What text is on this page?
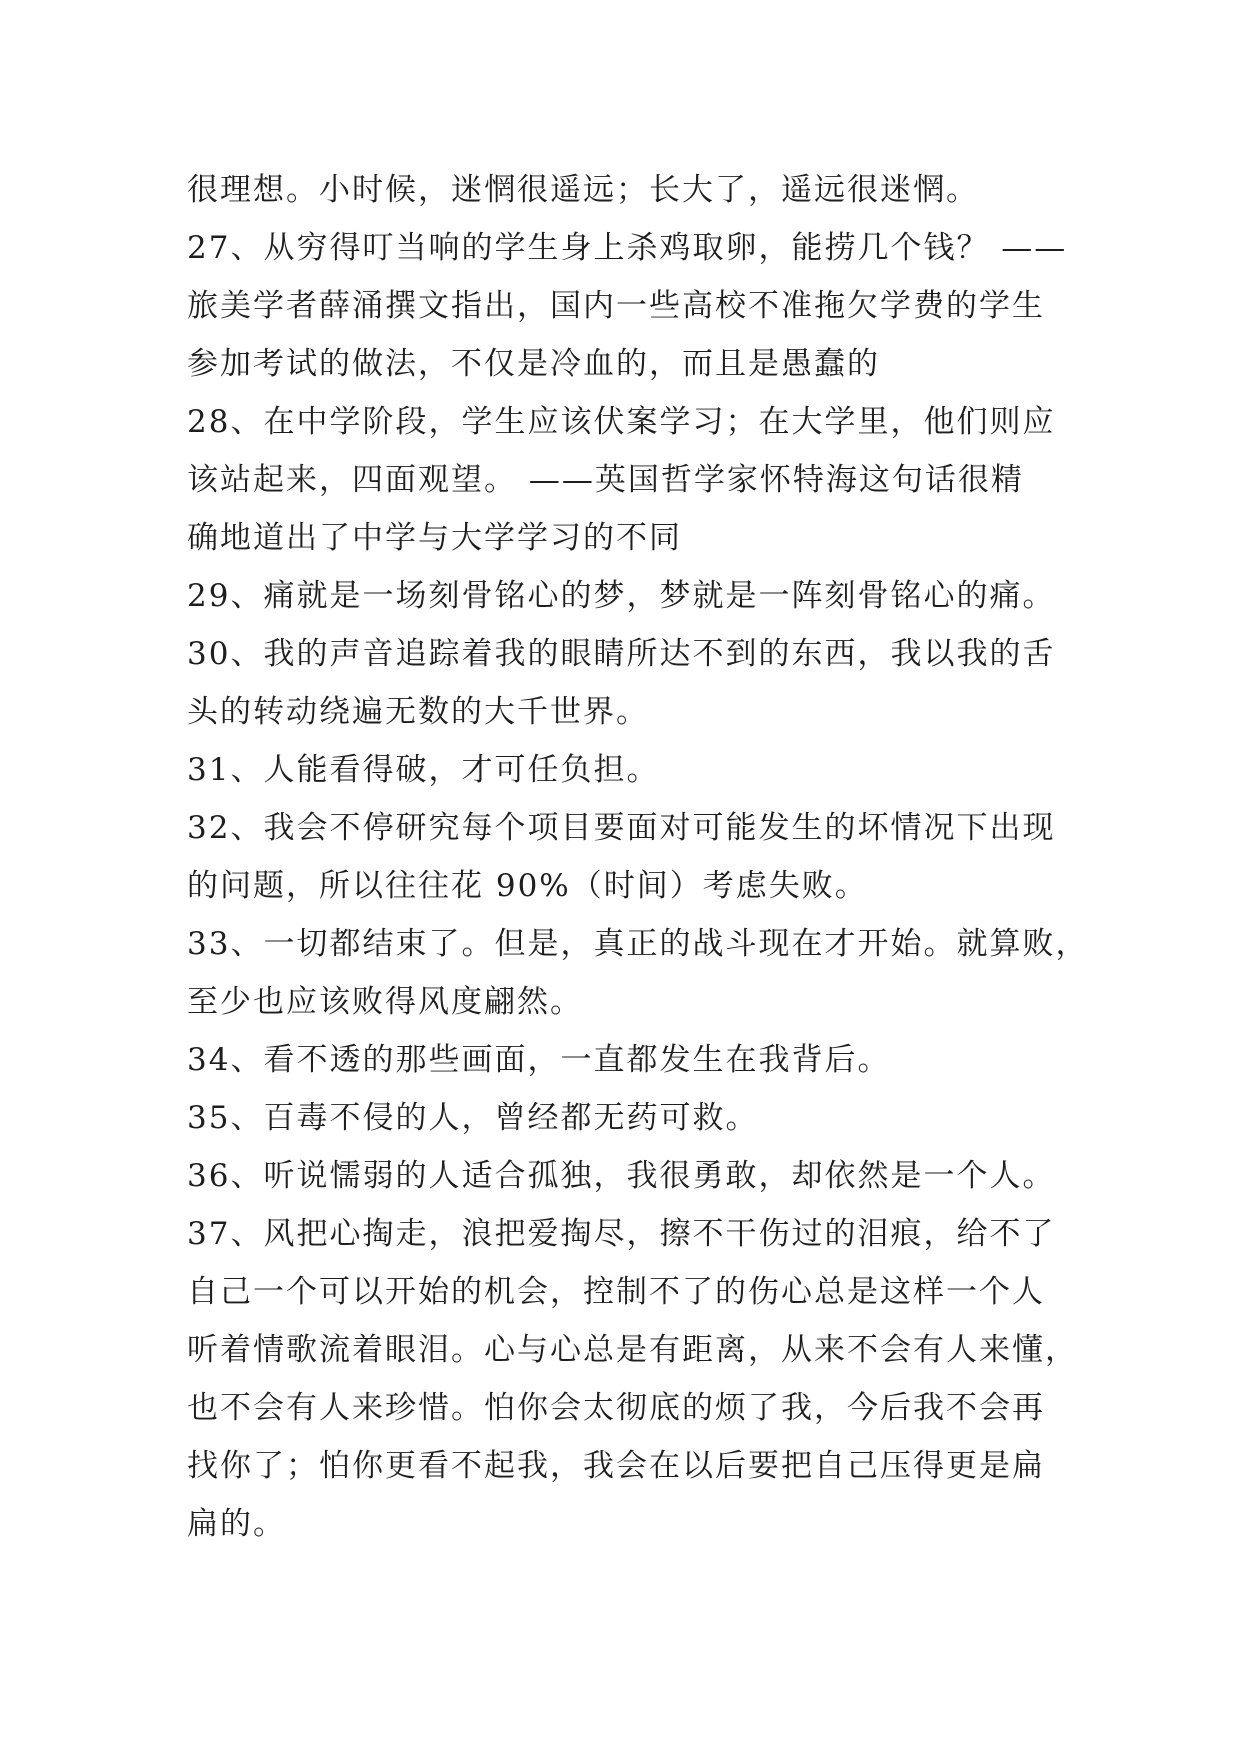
很理想。小时候，迷惘很遥远；长大了，遥远很迷惘。
27、从穷得叮当响的学生身上杀鸡取卵，能捞几个钱？ ——
旅美学者薛涌撰文指出，国内一些高校不准拖欠学费的学生
参加考试的做法，不仅是冷血的，而且是愚蠢的
28、在中学阶段，学生应该伏案学习；在大学里，他们则应
该站起来，四面观望。 ——英国哲学家怀特海这句话很精
确地道出了中学与大学学习的不同
29、痛就是一场刻骨铭心的梦，梦就是一阵刻骨铭心的痛。
30、我的声音追踪着我的眼睛所达不到的东西，我以我的舌
头的转动绕遍无数的大千世界。
31、人能看得破，才可任负担。
32、我会不停研究每个项目要面对可能发生的坏情况下出现
的问题，所以往往花 90%（时间）考虑失败。
33、一切都结束了。但是，真正的战斗现在才开始。就算败，
至少也应该败得风度翩然。
34、看不透的那些画面，一直都发生在我背后。
35、百毒不侵的人，曾经都无药可救。
36、听说懦弱的人适合孤独，我很勇敢，却依然是一个人。
37、风把心掏走，浪把爱掏尽，擦不干伤过的泪痕，给不了
自己一个可以开始的机会，控制不了的伤心总是这样一个人
听着情歌流着眼泪。心与心总是有距离，从来不会有人来懂，
也不会有人来珍惜。怕你会太彻底的烦了我，今后我不会再
找你了；怕你更看不起我，我会在以后要把自己压得更是扁
扁的。
